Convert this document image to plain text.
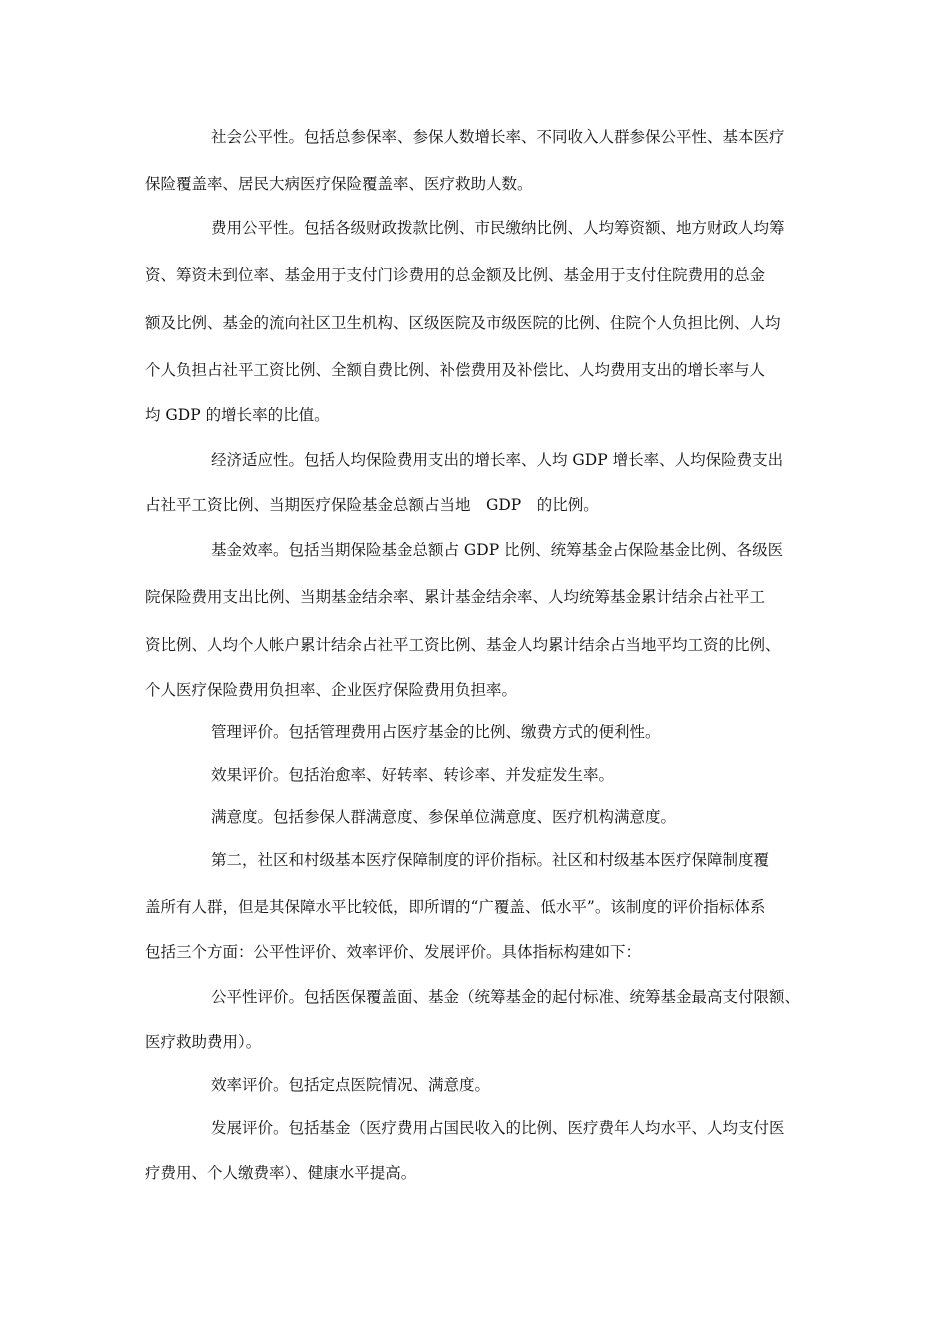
社会公平性。包括总参保率、参保人数增长率、不同收入人群参保公平性、基本医疗
保险覆盖率、居民大病医疗保险覆盖率、医疗救助人数。
费用公平性。包括各级财政拨款比例、市民缴纳比例、人均筹资额、地方财政人均筹
资、筹资未到位率、基金用于支付门诊费用的总金额及比例、基金用于支付住院费用的总金
额及比例、基金的流向社区卫生机构、区级医院及市级医院的比例、住院个人负担比例、人均
个人负担占社平工资比例、全额自费比例、补偿费用及补偿比、人均费用支出的增长率与人
均 GDP 的增长率的比值。
经济适应性。包括人均保险费用支出的增长率、人均 GDP 增长率、人均保险费支出
占社平工资比例、当期医疗保险基金总额占当地　GDP　的比例。
基金效率。包括当期保险基金总额占 GDP 比例、统筹基金占保险基金比例、各级医
院保险费用支出比例、当期基金结余率、累计基金结余率、人均统筹基金累计结余占社平工
资比例、人均个人帐户累计结余占社平工资比例、基金人均累计结余占当地平均工资的比例、
个人医疗保险费用负担率、企业医疗保险费用负担率。
管理评价。包括管理费用占医疗基金的比例、缴费方式的便利性。
效果评价。包括治愈率、好转率、转诊率、并发症发生率。
满意度。包括参保人群满意度、参保单位满意度、医疗机构满意度。
第二，社区和村级基本医疗保障制度的评价指标。社区和村级基本医疗保障制度覆
盖所有人群，但是其保障水平比较低，即所谓的“广覆盖、低水平”。该制度的评价指标体系
包括三个方面：公平性评价、效率评价、发展评价。具体指标构建如下：
公平性评价。包括医保覆盖面、基金（统筹基金的起付标准、统筹基金最高支付限额、
医疗救助费用）。
效率评价。包括定点医院情况、满意度。
发展评价。包括基金（医疗费用占国民收入的比例、医疗费年人均水平、人均支付医
疗费用、个人缴费率）、健康水平提高。
